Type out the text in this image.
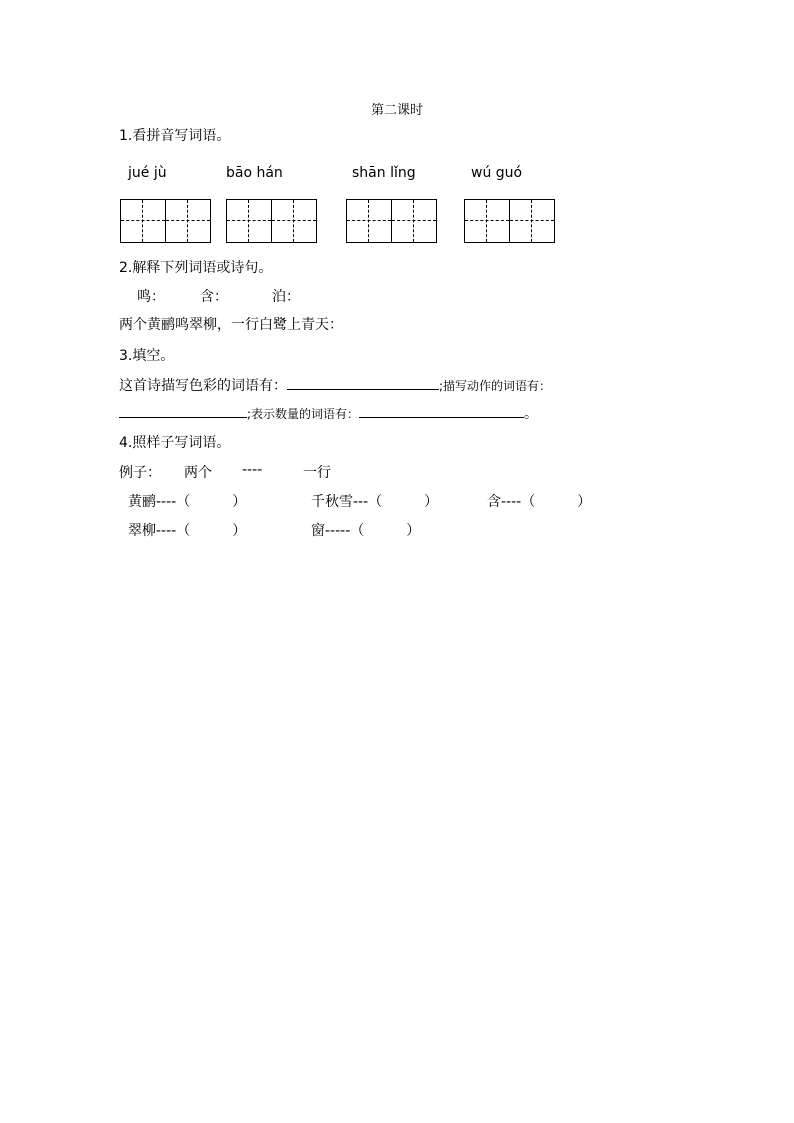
第二课时
1.看拼音写词语。
jué jù	bāo hán	shān lǐng	wú guó
2.解释下列词语或诗句。
鸣：	含：	泊：
两个黄鹂鸣翠柳，一行白鹭上青天：
3.填空。
这首诗描写色彩的词语有：	;描写动作的词语有：
;表示数量的词语有：	。
4.照样子写词语。
例子： 两个 ----	一行
黄鹂----（　　　）	千秋雪---（　　　）	含----（　　　）
翠柳----（　　　）	窗-----（　　　）
